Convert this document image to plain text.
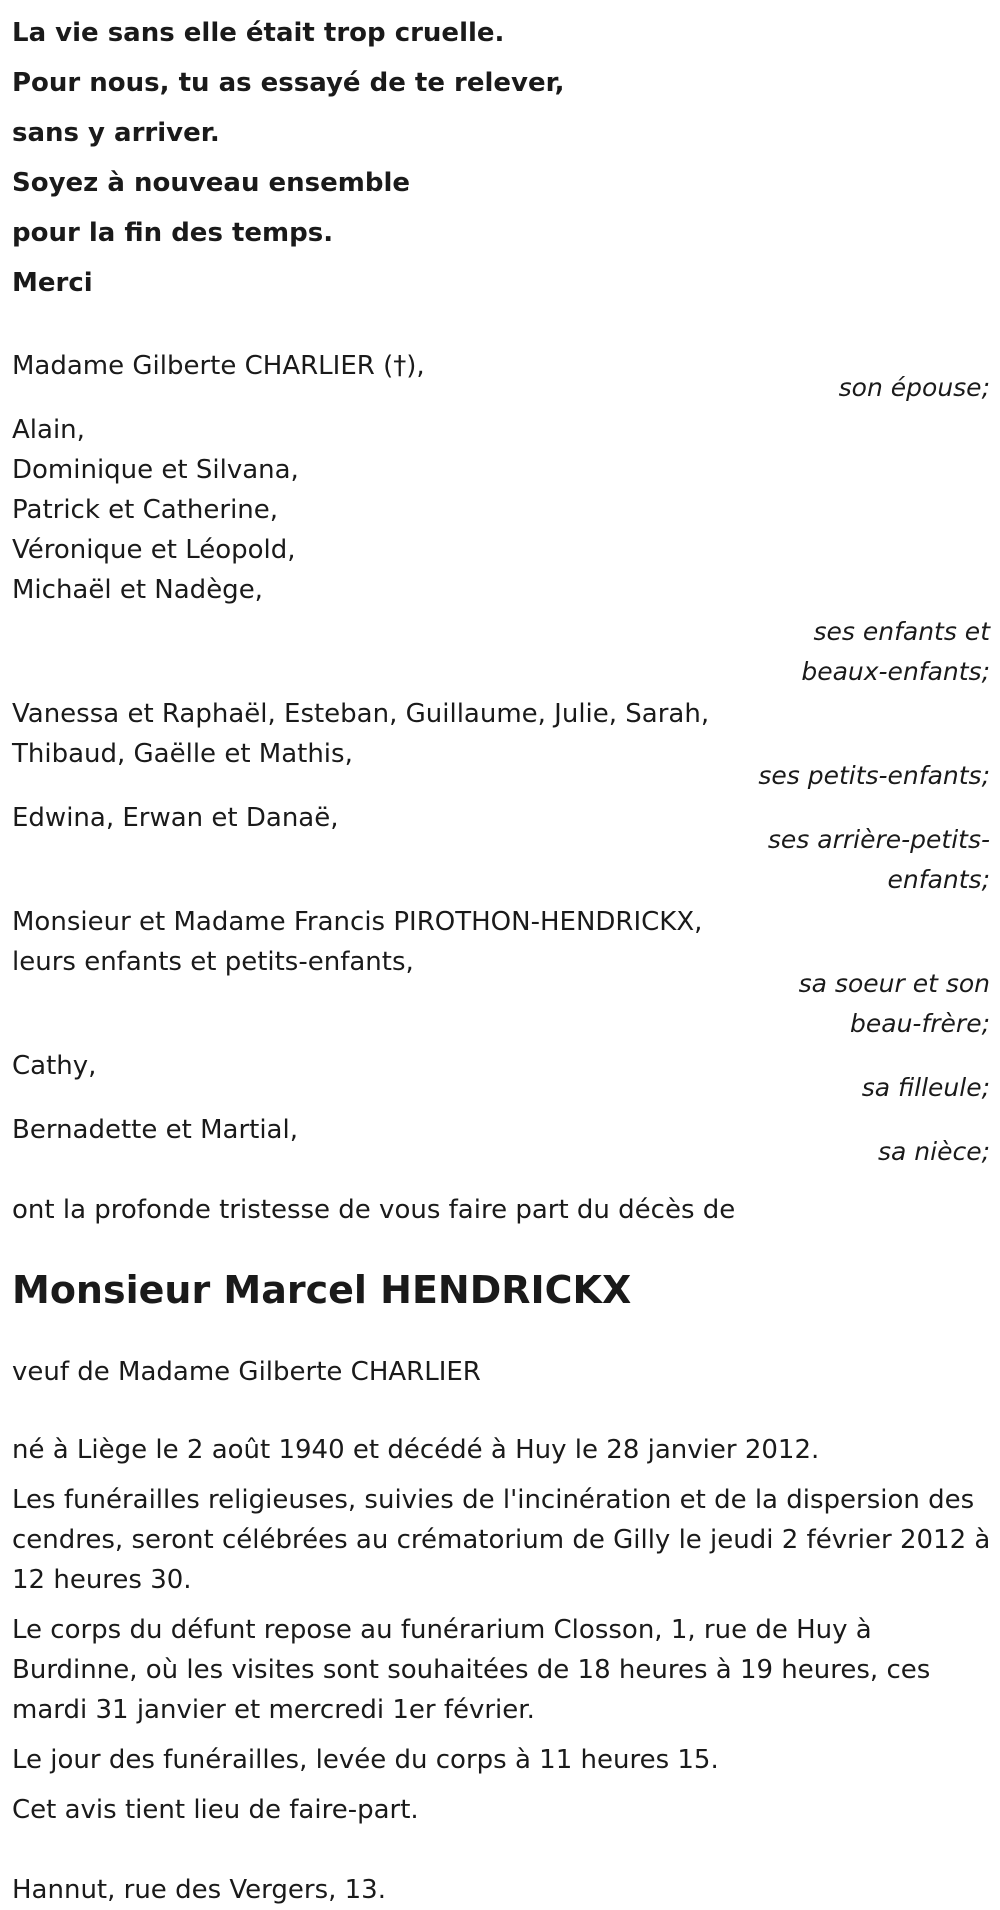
La vie sans elle était trop cruelle.
Pour nous, tu as essayé de te relever,
sans y arriver.
Soyez à nouveau ensemble
pour la fin des temps.
Merci
Madame Gilberte CHARLIER (†),
son épouse;
Alain,
Dominique et Silvana,
Patrick et Catherine,
Véronique et Léopold,
Michaël et Nadège,
ses enfants et
beaux-enfants;
Vanessa et Raphaël, Esteban, Guillaume, Julie, Sarah,
Thibaud, Gaëlle et Mathis,
ses petits-enfants;
Edwina, Erwan et Danaë,
ses arrière-petits-
enfants;
Monsieur et Madame Francis PIROTHON-HENDRICKX,
leurs enfants et petits-enfants,
sa soeur et son
beau-frère;
Cathy,
sa filleule;
Bernadette et Martial,
sa nièce;
ont la profonde tristesse de vous faire part du décès de
Monsieur Marcel HENDRICKX
veuf de Madame Gilberte CHARLIER
né à Liège le 2 août 1940 et décédé à Huy le 28 janvier 2012.
Les funérailles religieuses, suivies de l'incinération et de la dispersion des cendres, seront célébrées au crématorium de Gilly le jeudi 2 février 2012 à 12 heures 30.
Le corps du défunt repose au funérarium Closson, 1, rue de Huy à Burdinne, où les visites sont souhaitées de 18 heures à 19 heures, ces mardi 31 janvier et mercredi 1er février.
Le jour des funérailles, levée du corps à 11 heures 15.
Cet avis tient lieu de faire-part.
Hannut, rue des Vergers, 13.
